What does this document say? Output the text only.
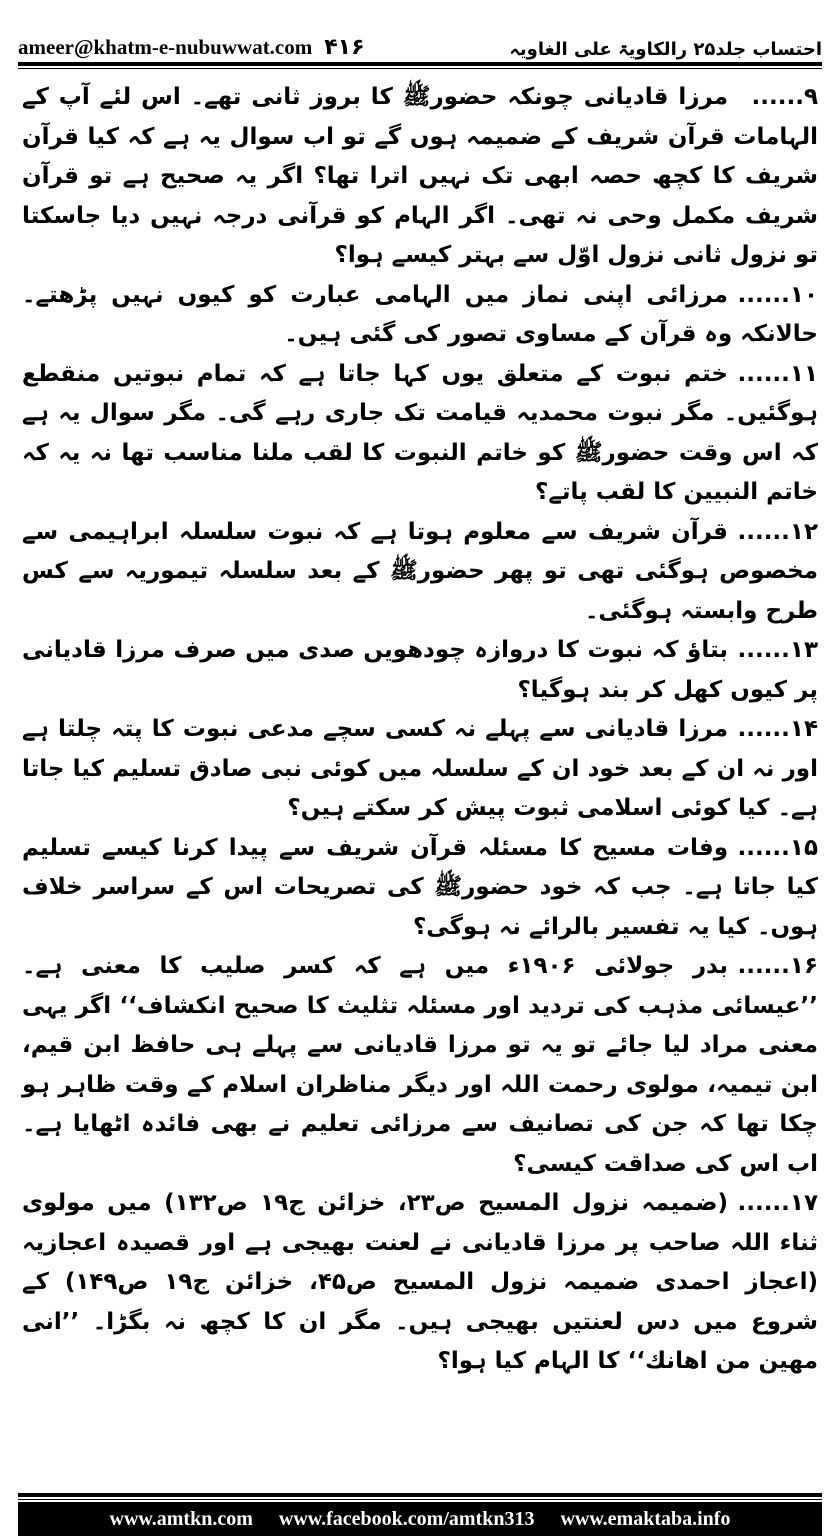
ameer@khatm-e-nubuwwat.com ۴۱۶	احتساب جلد۲۵ رالکاویۃ علی الغاویہ

۹......مرزا قادیانی چونکہ حضورﷺ کا بروز ثانی تھے۔ اس لئے آپ کے الہامات قرآن شریف کے ضمیمہ ہوں گے تو اب سوال یہ ہے کہ کیا قرآن شریف کا کچھ حصہ ابھی تک نہیں اترا تھا؟ اگر یہ صحیح ہے تو قرآن شریف مکمل وحی نہ تھی۔ اگر الہام کو قرآنی درجہ نہیں دیا جاسکتا تو نزول ثانی نزول اوّل سے بہتر کیسے ہوا؟

۱۰......مرزائی اپنی نماز میں الہامی عبارت کو کیوں نہیں پڑھتے۔ حالانکہ وہ قرآن کے مساوی تصور کی گئی ہیں۔

۱۱......ختم نبوت کے متعلق یوں کہا جاتا ہے کہ تمام نبوتیں منقطع ہوگئیں۔ مگر نبوت محمدیہ قیامت تک جاری رہے گی۔ مگر سوال یہ ہے کہ اس وقت حضورﷺ کو خاتم النبوت کا لقب ملنا مناسب تھا نہ یہ کہ خاتم النبیین کا لقب پاتے؟

۱۲......قرآن شریف سے معلوم ہوتا ہے کہ نبوت سلسلہ ابراہیمی سے مخصوص ہوگئی تھی تو پھر حضورﷺ کے بعد سلسلہ تیموریہ سے کس طرح وابستہ ہوگئی۔

۱۳......بتاؤ کہ نبوت کا دروازہ چودھویں صدی میں صرف مرزا قادیانی پر کیوں کھل کر بند ہوگیا؟

۱۴......مرزا قادیانی سے پہلے نہ کسی سچے مدعی نبوت کا پتہ چلتا ہے اور نہ ان کے بعد خود ان کے سلسلہ میں کوئی نبی صادق تسلیم کیا جاتا ہے۔ کیا کوئی اسلامی ثبوت پیش کر سکتے ہیں؟

۱۵......وفات مسیح کا مسئلہ قرآن شریف سے پیدا کرنا کیسے تسلیم کیا جاتا ہے۔ جب کہ خود حضورﷺ کی تصریحات اس کے سراسر خلاف ہوں۔ کیا یہ تفسیر بالرائے نہ ہوگی؟

۱۶......بدر جولائی ۱۹۰۶ء میں ہے کہ کسر صلیب کا معنی ہے۔ ’’عیسائی مذہب کی تردید اور مسئلہ تثلیث کا صحیح انکشاف‘‘ اگر یہی معنی مراد لیا جائے تو یہ تو مرزا قادیانی سے پہلے ہی حافظ ابن قیم، ابن تیمیہ، مولوی رحمت اللہ اور دیگر مناظران اسلام کے وقت ظاہر ہو چکا تھا کہ جن کی تصانیف سے مرزائی تعلیم نے بھی فائدہ اٹھایا ہے۔ اب اس کی صداقت کیسی؟

۱۷......(ضمیمہ نزول المسیح ص۲۳، خزائن ج۱۹ ص۱۳۲) میں مولوی ثناء اللہ صاحب پر مرزا قادیانی نے لعنت بھیجی ہے اور قصیدہ اعجازیہ (اعجاز احمدی ضمیمہ نزول المسیح ص۴۵، خزائن ج۱۹ ص۱۴۹) کے شروع میں دس لعنتیں بھیجی ہیں۔ مگر ان کا کچھ نہ بگڑا۔ ’’انی مهین من اهانك‘‘ کا الہام کیا ہوا؟

www.amtkn.com www.facebook.com/amtkn313 www.emaktaba.info
